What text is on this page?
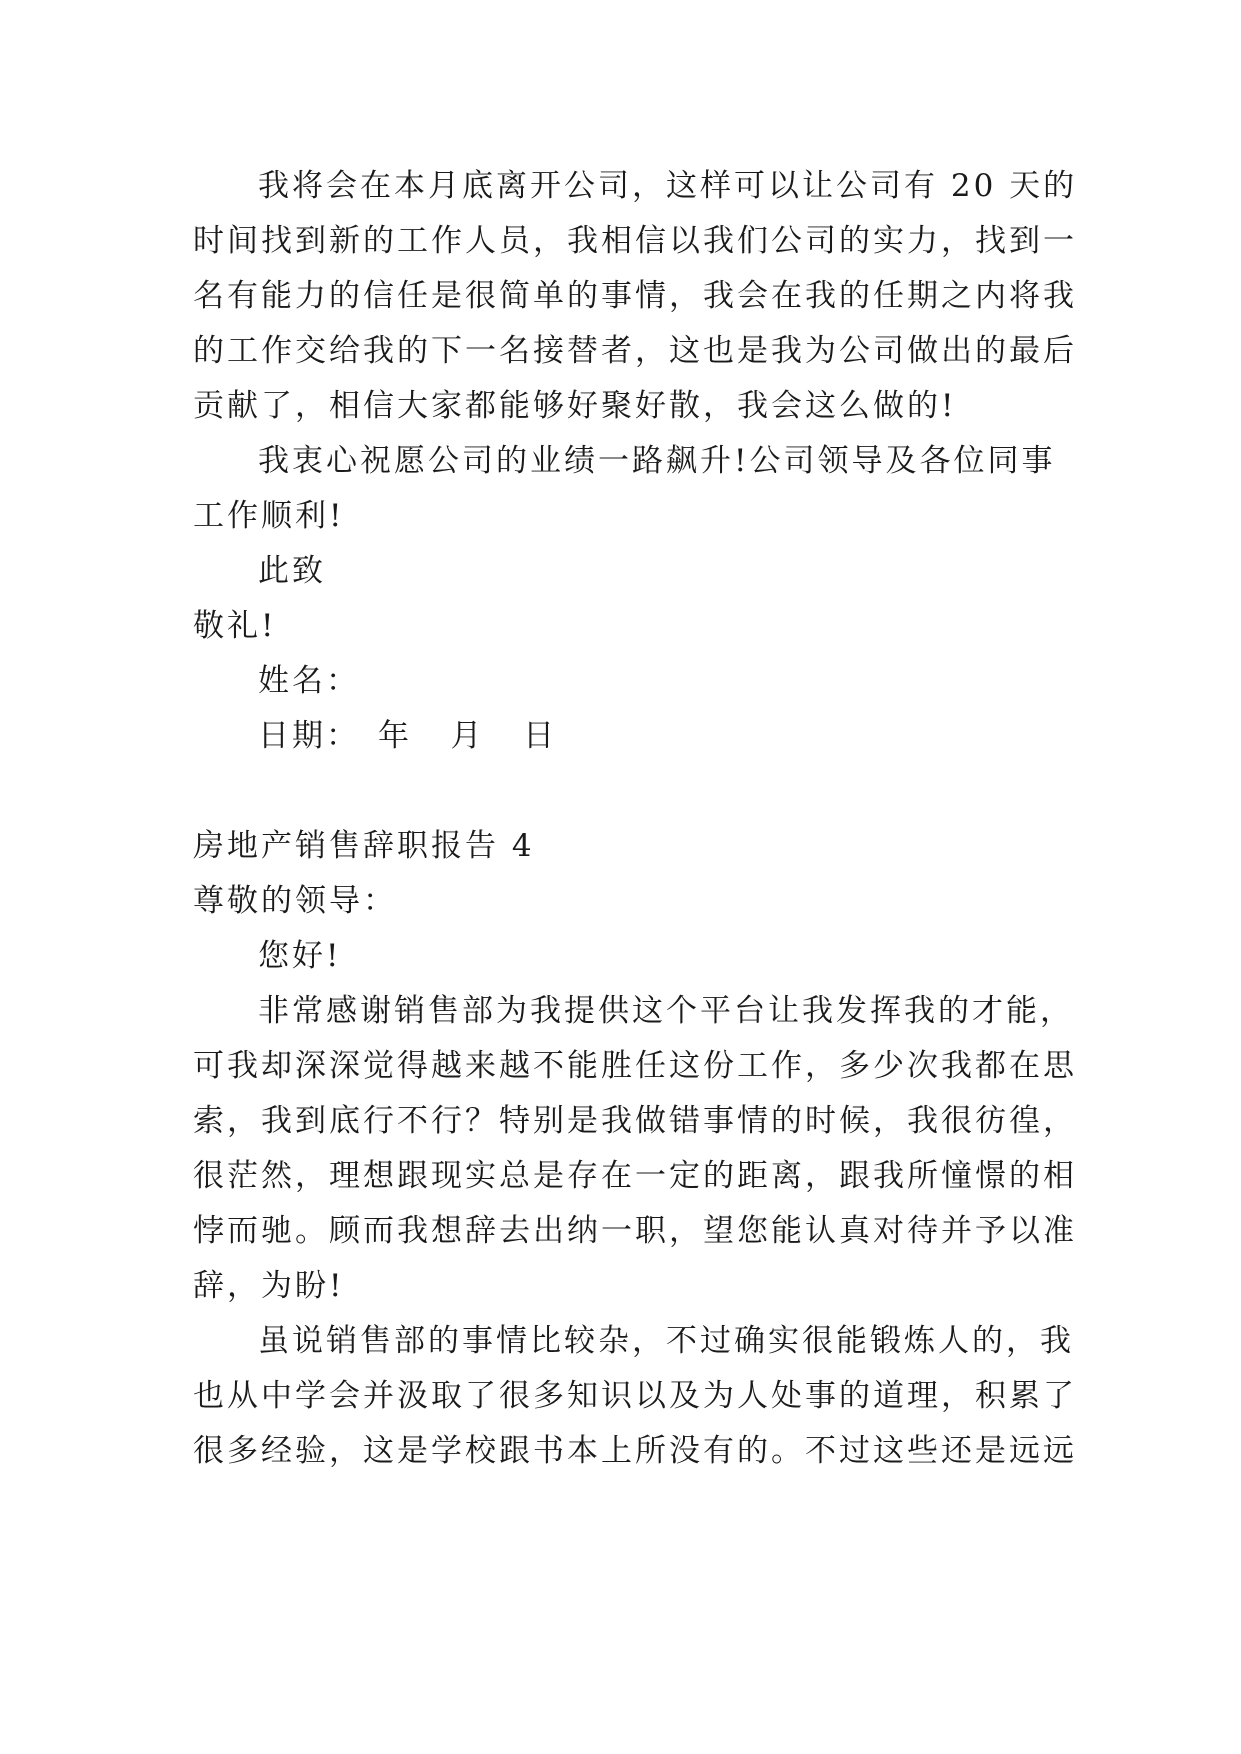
我将会在本月底离开公司，这样可以让公司有 20 天的
时间找到新的工作人员，我相信以我们公司的实力，找到一
名有能力的信任是很简单的事情，我会在我的任期之内将我
的工作交给我的下一名接替者，这也是我为公司做出的最后
贡献了，相信大家都能够好聚好散，我会这么做的!
我衷心祝愿公司的业绩一路飙升!公司领导及各位同事
工作顺利!
此致
敬礼!
姓名：
日期： 年   月   日
房地产销售辞职报告 4
尊敬的领导：
您好!
非常感谢销售部为我提供这个平台让我发挥我的才能，
可我却深深觉得越来越不能胜任这份工作，多少次我都在思
索，我到底行不行？特别是我做错事情的时候，我很彷徨，
很茫然，理想跟现实总是存在一定的距离，跟我所憧憬的相
悖而驰。顾而我想辞去出纳一职，望您能认真对待并予以准
辞，为盼!
虽说销售部的事情比较杂，不过确实很能锻炼人的，我
也从中学会并汲取了很多知识以及为人处事的道理，积累了
很多经验，这是学校跟书本上所没有的。不过这些还是远远
